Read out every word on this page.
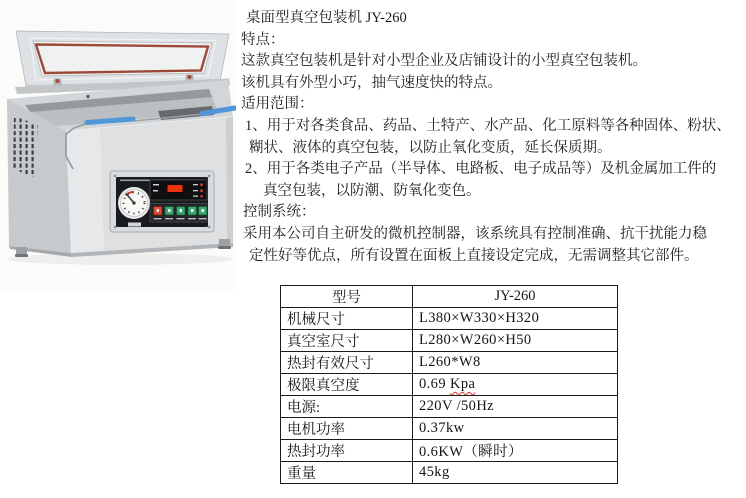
桌面型真空包装机 JY-260
特点：
这款真空包装机是针对小型企业及店铺设计的小型真空包装机。
该机具有外型小巧，抽气速度快的特点。
适用范围：
1、用于对各类食品、药品、土特产、水产品、化工原料等各种固体、粉状、
糊状、液体的真空包装，以防止氧化变质，延长保质期。
2、用于各类电子产品（半导体、电路板、电子成品等）及机金属加工件的
真空包装，以防潮、防氧化变色。
控制系统：
采用本公司自主研发的微机控制器，该系统具有控制准确、抗干扰能力稳
定性好等优点，所有设置在面板上直接设定完成，无需调整其它部件。
型号	JY-260
机械尺寸	L380×W330×H320
真空室尺寸	L280×W260×H50
热封有效尺寸	L260*W8
极限真空度	0.69 Kpa
电源:	220V /50Hz
电机功率	0.37kw
热封功率	0.6KW（瞬时）
重量	45kg
